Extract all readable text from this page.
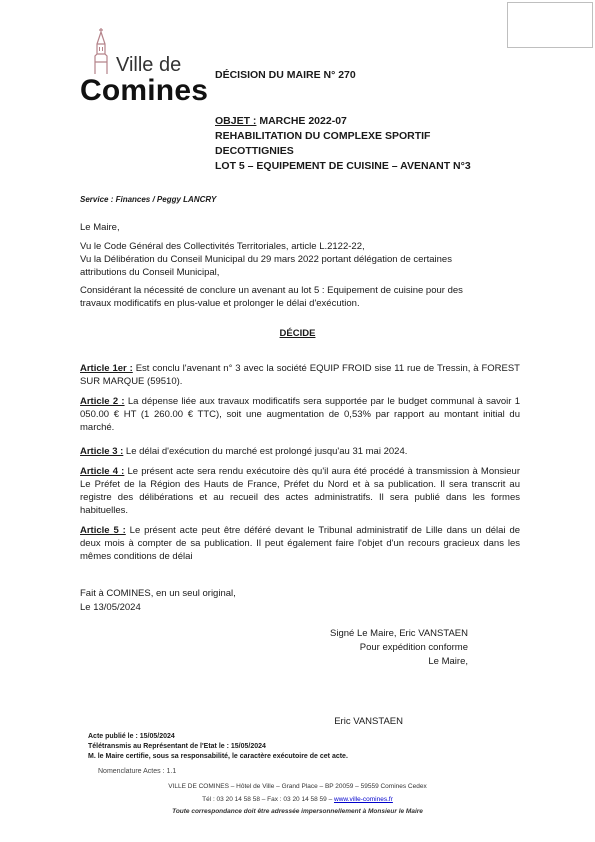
Ville de
Comines DÉCISION DU MAIRE N° 270
OBJET : MARCHE 2022-07
REHABILITATION DU COMPLEXE SPORTIF
DECOTTIGNIES
LOT 5 – EQUIPEMENT DE CUISINE – AVENANT N°3
Service : Finances / Peggy LANCRY
Le Maire,
Vu le Code Général des Collectivités Territoriales, article L.2122-22,
Vu la Délibération du Conseil Municipal du 29 mars 2022 portant délégation de certaines
attributions du Conseil Municipal,
Considérant la nécessité de conclure un avenant au lot 5 : Equipement de cuisine pour des
travaux modificatifs en plus-value et prolonger le délai d'exécution.
DÉCIDE
Article 1er : Est conclu l'avenant n° 3 avec la société EQUIP FROID sise 11 rue de Tressin, à FOREST SUR MARQUE (59510).
Article 2 : La dépense liée aux travaux modificatifs sera supportée par le budget communal à savoir 1 050.00 € HT (1 260.00 € TTC), soit une augmentation de 0,53% par rapport au montant initial du marché.
Article 3 : Le délai d'exécution du marché est prolongé jusqu'au 31 mai 2024.
Article 4 : Le présent acte sera rendu exécutoire dès qu'il aura été procédé à transmission à Monsieur Le Préfet de la Région des Hauts de France, Préfet du Nord et à sa publication. Il sera transcrit au registre des délibérations et au recueil des actes administratifs. Il sera publié dans les formes habituelles.
Article 5 : Le présent acte peut être déféré devant le Tribunal administratif de Lille dans un délai de deux mois à compter de sa publication. Il peut également faire l'objet d'un recours gracieux dans les mêmes conditions de délai
Fait à COMINES, en un seul original,
Le 13/05/2024
Signé Le Maire, Eric VANSTAEN
Pour expédition conforme
Le Maire,
Eric VANSTAEN
Acte publié le : 15/05/2024
Télétransmis au Représentant de l'Etat le : 15/05/2024
M. le Maire certifie, sous sa responsabilité, le caractère exécutoire de cet acte.
Nomenclature Actes : 1.1
VILLE DE COMINES – Hôtel de Ville – Grand Place – BP 20059 – 59559 Comines Cedex
Tél : 03 20 14 58 58 – Fax : 03 20 14 58 59 – www.ville-comines.fr
Toute correspondance doit être adressée impersonnellement à Monsieur le Maire
